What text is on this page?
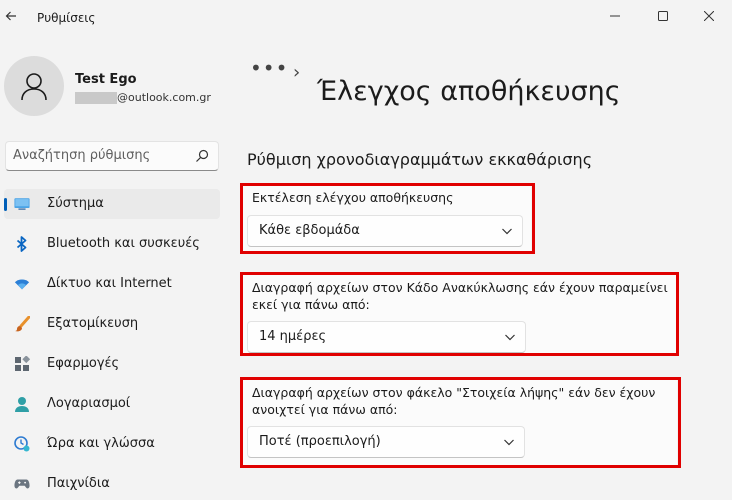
Ρυθμίσεις
Test Ego
@outlook.com.gr
Αναζήτηση ρύθμισης
Σύστημα
Bluetooth και συσκευές
Δίκτυο και Internet
Εξατομίκευση
Εφαρμογές
Λογαριασμοί
Ώρα και γλώσσα
Παιχνίδια
••• ›
Έλεγχος αποθήκευσης
Ρύθμιση χρονοδιαγραμμάτων εκκαθάρισης
Εκτέλεση ελέγχου αποθήκευσης
Κάθε εβδομάδα
Διαγραφή αρχείων στον Κάδο Ανακύκλωσης εάν έχουν παραμείνει εκεί για πάνω από:
14 ημέρες
Διαγραφή αρχείων στον φάκελο "Στοιχεία λήψης" εάν δεν έχουν ανοιχτεί για πάνω από:
Ποτέ (προεπιλογή)
